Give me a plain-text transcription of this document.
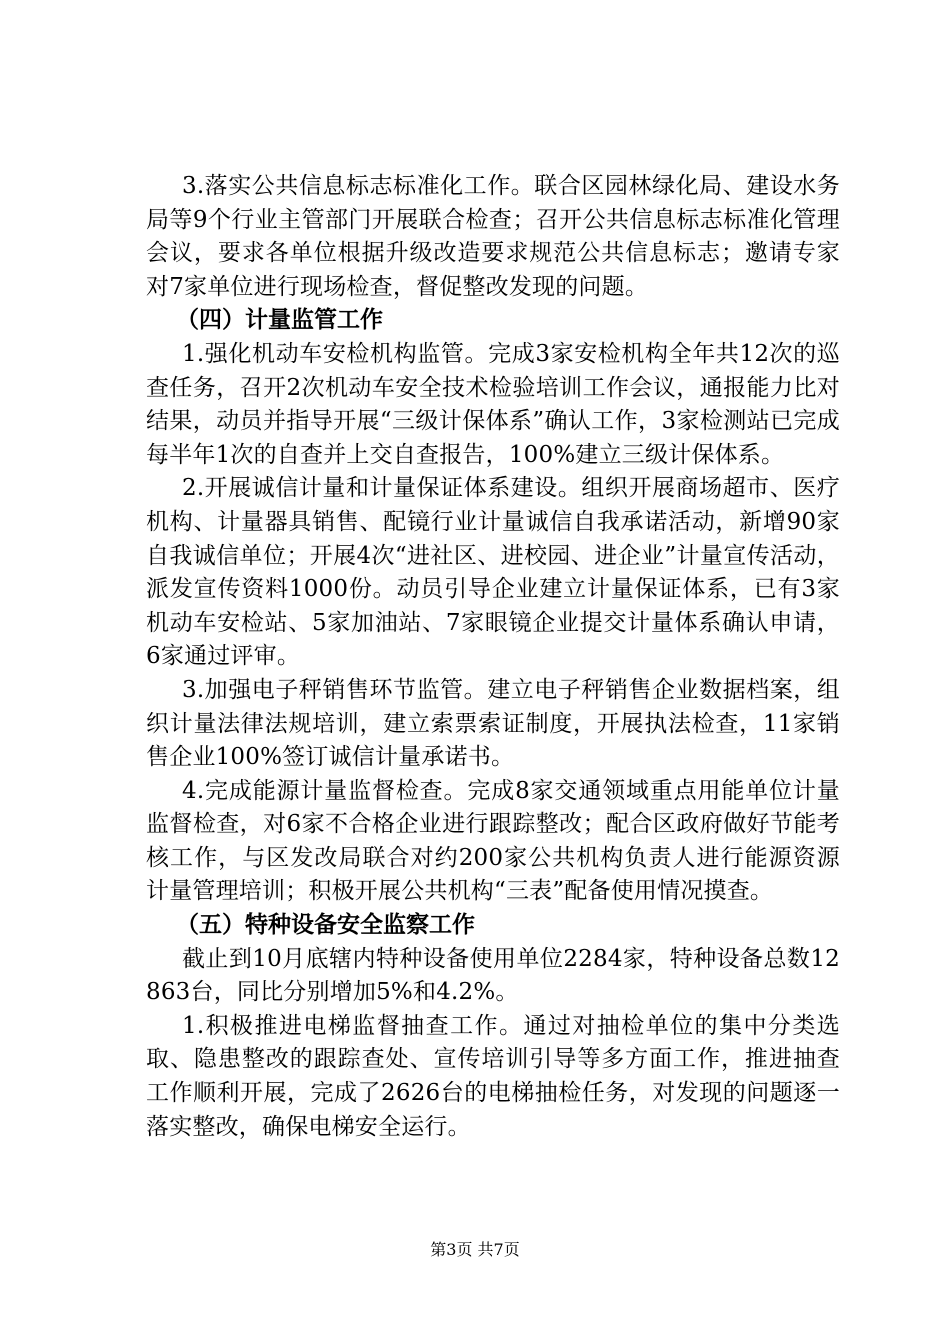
3.落实公共信息标志标准化工作。联合区园林绿化局、建设水务局等9个行业主管部门开展联合检查；召开公共信息标志标准化管理会议，要求各单位根据升级改造要求规范公共信息标志；邀请专家对7家单位进行现场检查，督促整改发现的问题。

（四）计量监管工作

1.强化机动车安检机构监管。完成3家安检机构全年共12次的巡查任务，召开2次机动车安全技术检验培训工作会议，通报能力比对结果，动员并指导开展“三级计保体系”确认工作，3家检测站已完成每半年1次的自查并上交自查报告，100%建立三级计保体系。

2.开展诚信计量和计量保证体系建设。组织开展商场超市、医疗机构、计量器具销售、配镜行业计量诚信自我承诺活动，新增90家自我诚信单位；开展4次“进社区、进校园、进企业”计量宣传活动，派发宣传资料1000份。动员引导企业建立计量保证体系，已有3家机动车安检站、5家加油站、7家眼镜企业提交计量体系确认申请，6家通过评审。

3.加强电子秤销售环节监管。建立电子秤销售企业数据档案，组织计量法律法规培训，建立索票索证制度，开展执法检查，11家销售企业100%签订诚信计量承诺书。

4.完成能源计量监督检查。完成8家交通领域重点用能单位计量监督检查，对6家不合格企业进行跟踪整改；配合区政府做好节能考核工作，与区发改局联合对约200家公共机构负责人进行能源资源计量管理培训；积极开展公共机构“三表”配备使用情况摸查。

（五）特种设备安全监察工作

截止到10月底辖内特种设备使用单位2284家，特种设备总数12863台，同比分别增加5%和4.2%。

1.积极推进电梯监督抽查工作。通过对抽检单位的集中分类选取、隐患整改的跟踪查处、宣传培训引导等多方面工作，推进抽查工作顺利开展，完成了2626台的电梯抽检任务，对发现的问题逐一落实整改，确保电梯安全运行。

第3页 共7页
